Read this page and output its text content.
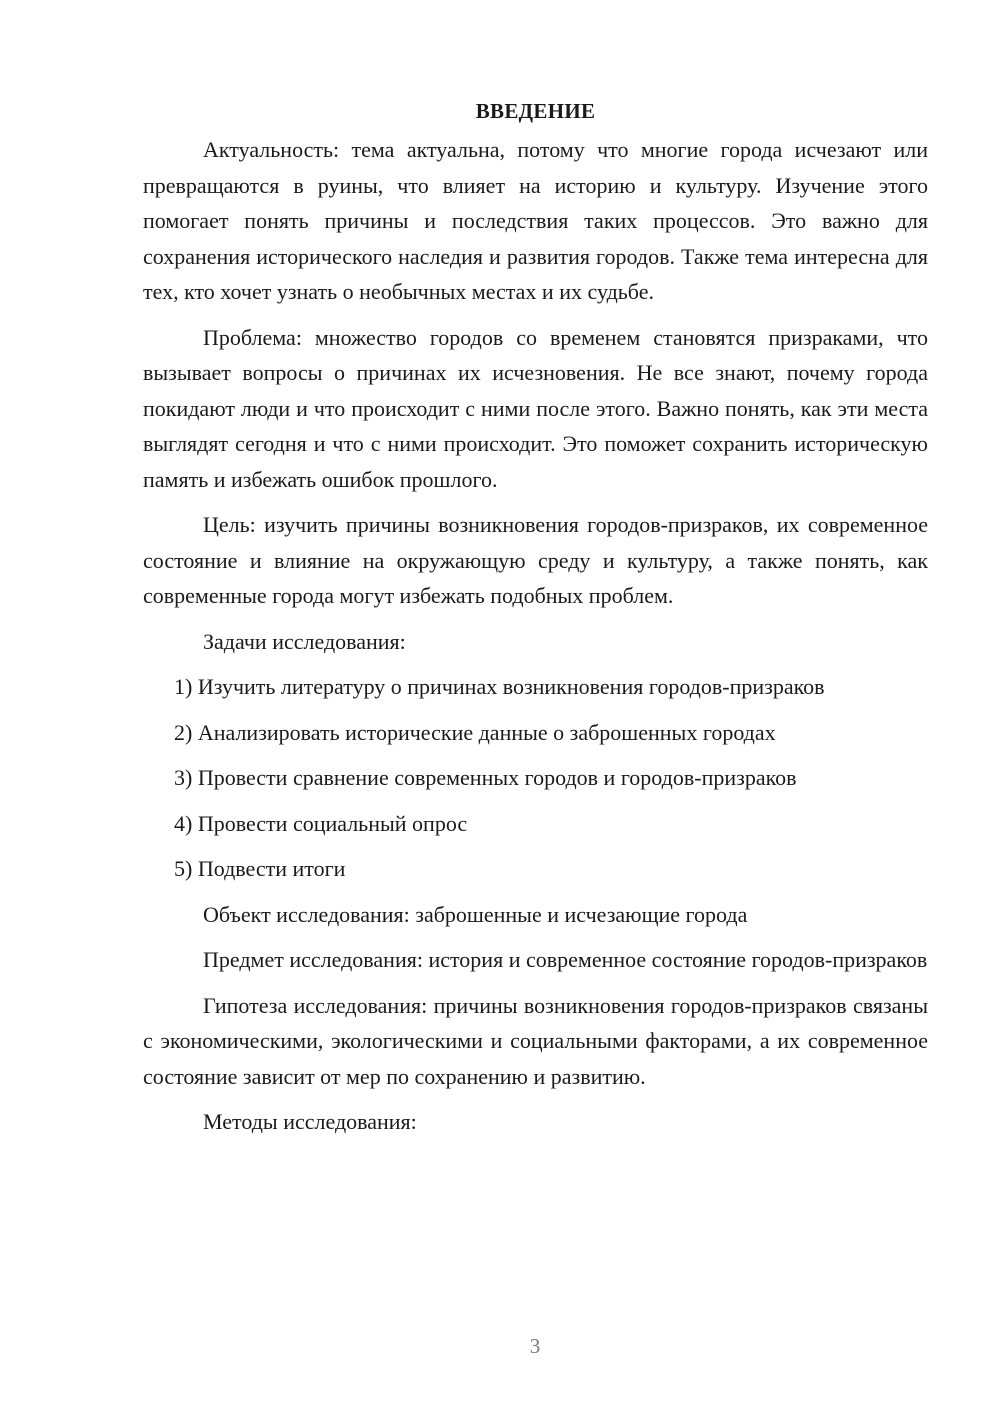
ВВЕДЕНИЕ

Актуальность: тема актуальна, потому что многие города исчезают или превращаются в руины, что влияет на историю и культуру. Изучение этого помогает понять причины и последствия таких процессов. Это важно для сохранения исторического наследия и развития городов. Также тема интересна для тех, кто хочет узнать о необычных местах и их судьбе.

Проблема: множество городов со временем становятся призраками, что вызывает вопросы о причинах их исчезновения. Не все знают, почему города покидают люди и что происходит с ними после этого. Важно понять, как эти места выглядят сегодня и что с ними происходит. Это поможет сохранить историческую память и избежать ошибок прошлого.

Цель: изучить причины возникновения городов-призраков, их современное состояние и влияние на окружающую среду и культуру, а также понять, как современные города могут избежать подобных проблем.

Задачи исследования:

1) Изучить литературу о причинах возникновения городов-призраков

2) Анализировать исторические данные о заброшенных городах

3) Провести сравнение современных городов и городов-призраков

4) Провести социальный опрос

5) Подвести итоги

Объект исследования: заброшенные и исчезающие города

Предмет исследования: история и современное состояние городов-призраков

Гипотеза исследования: причины возникновения городов-призраков связаны с экономическими, экологическими и социальными факторами, а их современное состояние зависит от мер по сохранению и развитию.

Методы исследования:

3
